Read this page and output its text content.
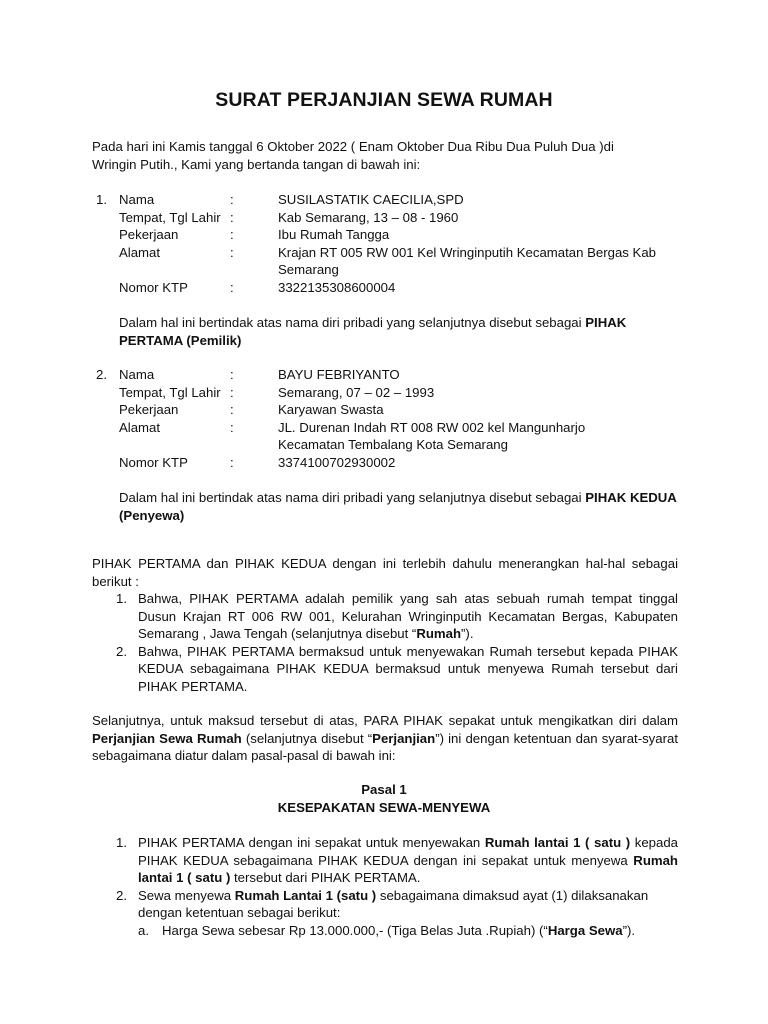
SURAT PERJANJIAN SEWA RUMAH
Pada hari ini Kamis tanggal 6 Oktober 2022 ( Enam Oktober Dua Ribu Dua Puluh Dua )di
Wringin Putih., Kami yang bertanda tangan di bawah ini:
1. Nama	:	SUSILASTATIK CAECILIA,SPD
Tempat, Tgl Lahir :	Kab Semarang, 13 – 08 - 1960
Pekerjaan	:	Ibu Rumah Tangga
Alamat	:	Krajan RT 005 RW 001 Kel Wringinputih Kecamatan Bergas Kab Semarang
Nomor KTP	:	3322135308600004
Dalam hal ini bertindak atas nama diri pribadi yang selanjutnya disebut sebagai PIHAK PERTAMA (Pemilik)
2. Nama	:	BAYU FEBRIYANTO
Tempat, Tgl Lahir :	Semarang, 07 – 02 – 1993
Pekerjaan	:	Karyawan Swasta
Alamat	:	JL. Durenan Indah RT 008 RW 002 kel Mangunharjo Kecamatan Tembalang Kota Semarang
Nomor KTP	:	3374100702930002
Dalam hal ini bertindak atas nama diri pribadi yang selanjutnya disebut sebagai PIHAK KEDUA (Penyewa)
PIHAK PERTAMA dan PIHAK KEDUA dengan ini terlebih dahulu menerangkan hal-hal sebagai berikut :
1. Bahwa, PIHAK PERTAMA adalah pemilik yang sah atas sebuah rumah tempat tinggal Dusun Krajan RT 006 RW 001, Kelurahan Wringinputih Kecamatan Bergas, Kabupaten Semarang , Jawa Tengah (selanjutnya disebut “Rumah”).
2. Bahwa, PIHAK PERTAMA bermaksud untuk menyewakan Rumah tersebut kepada PIHAK KEDUA sebagaimana PIHAK KEDUA bermaksud untuk menyewa Rumah tersebut dari PIHAK PERTAMA.
Selanjutnya, untuk maksud tersebut di atas, PARA PIHAK sepakat untuk mengikatkan diri dalam Perjanjian Sewa Rumah (selanjutnya disebut “Perjanjian”) ini dengan ketentuan dan syarat-syarat sebagaimana diatur dalam pasal-pasal di bawah ini:
Pasal 1
KESEPAKATAN SEWA-MENYEWA
1. PIHAK PERTAMA dengan ini sepakat untuk menyewakan Rumah lantai 1 ( satu ) kepada PIHAK KEDUA sebagaimana PIHAK KEDUA dengan ini sepakat untuk menyewa Rumah lantai 1 ( satu ) tersebut dari PIHAK PERTAMA.
2. Sewa menyewa Rumah Lantai 1 (satu ) sebagaimana dimaksud ayat (1) dilaksanakan dengan ketentuan sebagai berikut:
a. Harga Sewa sebesar Rp 13.000.000,- (Tiga Belas Juta .Rupiah) (“Harga Sewa”).
